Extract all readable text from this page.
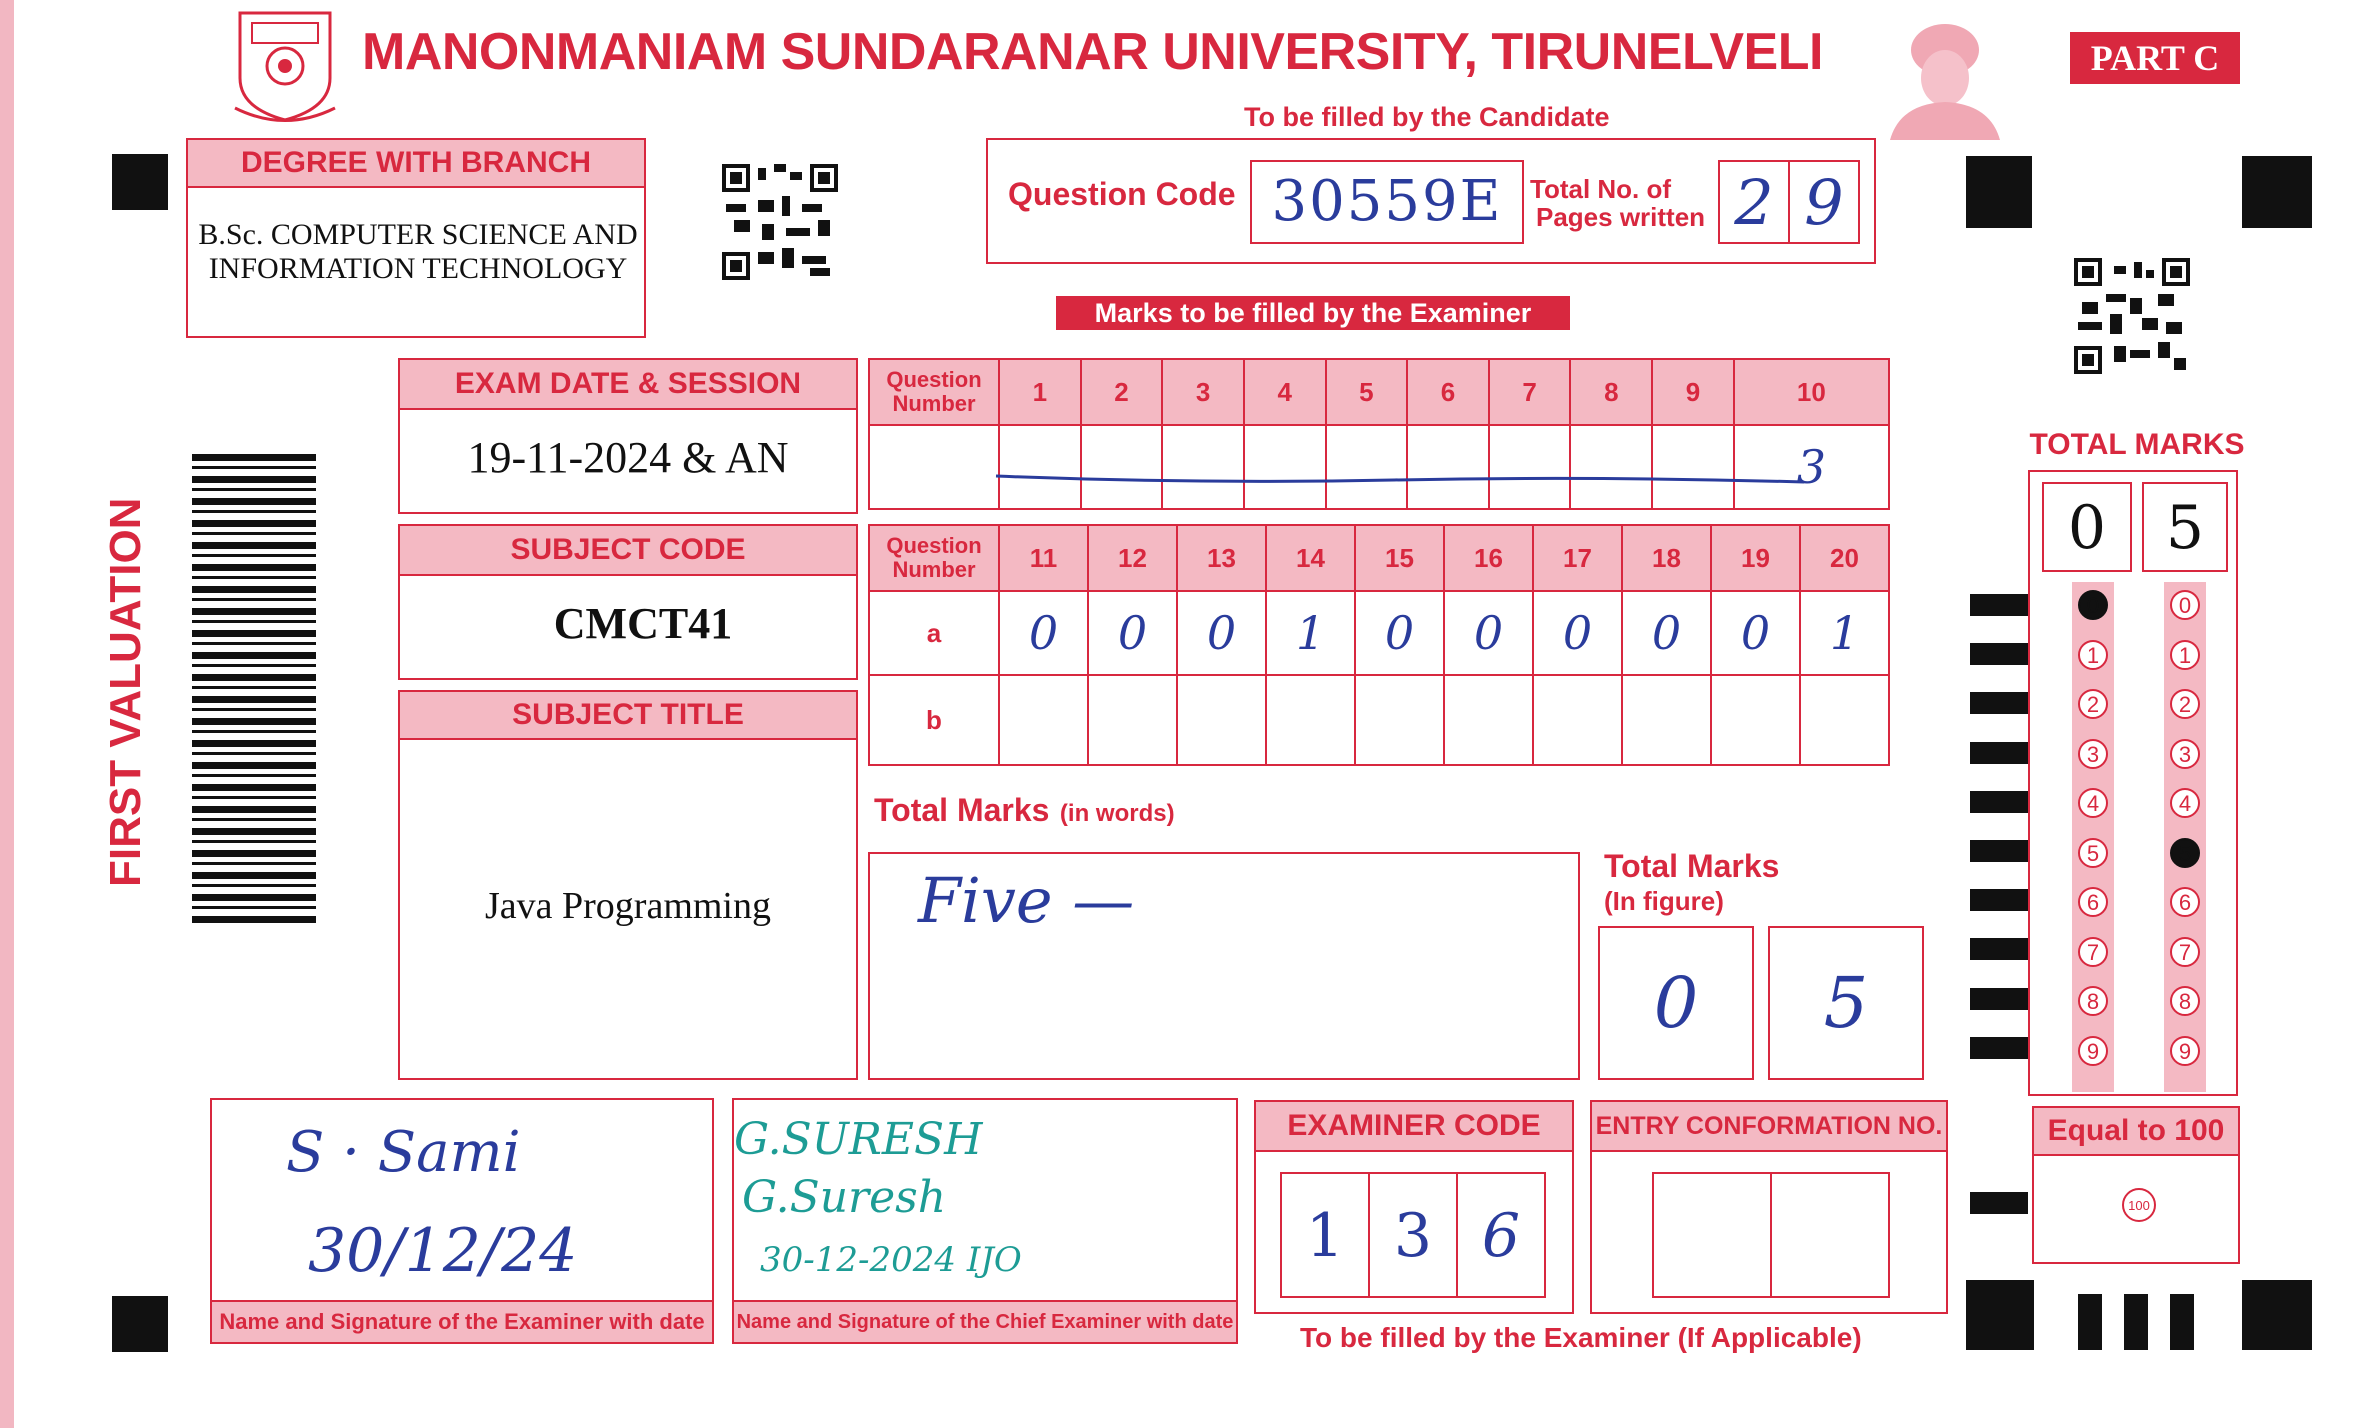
MANONMANIAM SUNDARANAR UNIVERSITY, TIRUNELVELI	PART C
To be filled by the Candidate
DEGREE WITH BRANCH
B.Sc. COMPUTER SCIENCE AND
INFORMATION TECHNOLOGY
Question Code 30559E	Total No. of
Pages written 2 9
Marks to be filled by the Examiner
FIRST VALUATION
EXAM DATE & SESSION
19-11-2024 & AN
SUBJECT CODE
CMCT41
SUBJECT TITLE
Java Programming
Question
Number	1	2	3	4	5	6	7	8	9	10
										3
Question
Number	11	12	13	14	15	16	17	18	19	20
a	0	0	0	1	0	0	0	0	0	1
b										
Total Marks (in words)
Five —	Total Marks
(In figure)
0	5
TOTAL MARKS
0 5
0	0
1	1
2	2
3	3
4	4
5	5
6	6
7	7
8	8
9	9
Equal to 100
100
S · Sami
30/12/24
Name and Signature of the Examiner with date
G.SURESH
G.Suresh
30-12-2024 IJO
Name and Signature of the Chief Examiner with date
EXAMINER CODE
1 3 6
ENTRY CONFORMATION NO.
To be filled by the Examiner (If Applicable)
